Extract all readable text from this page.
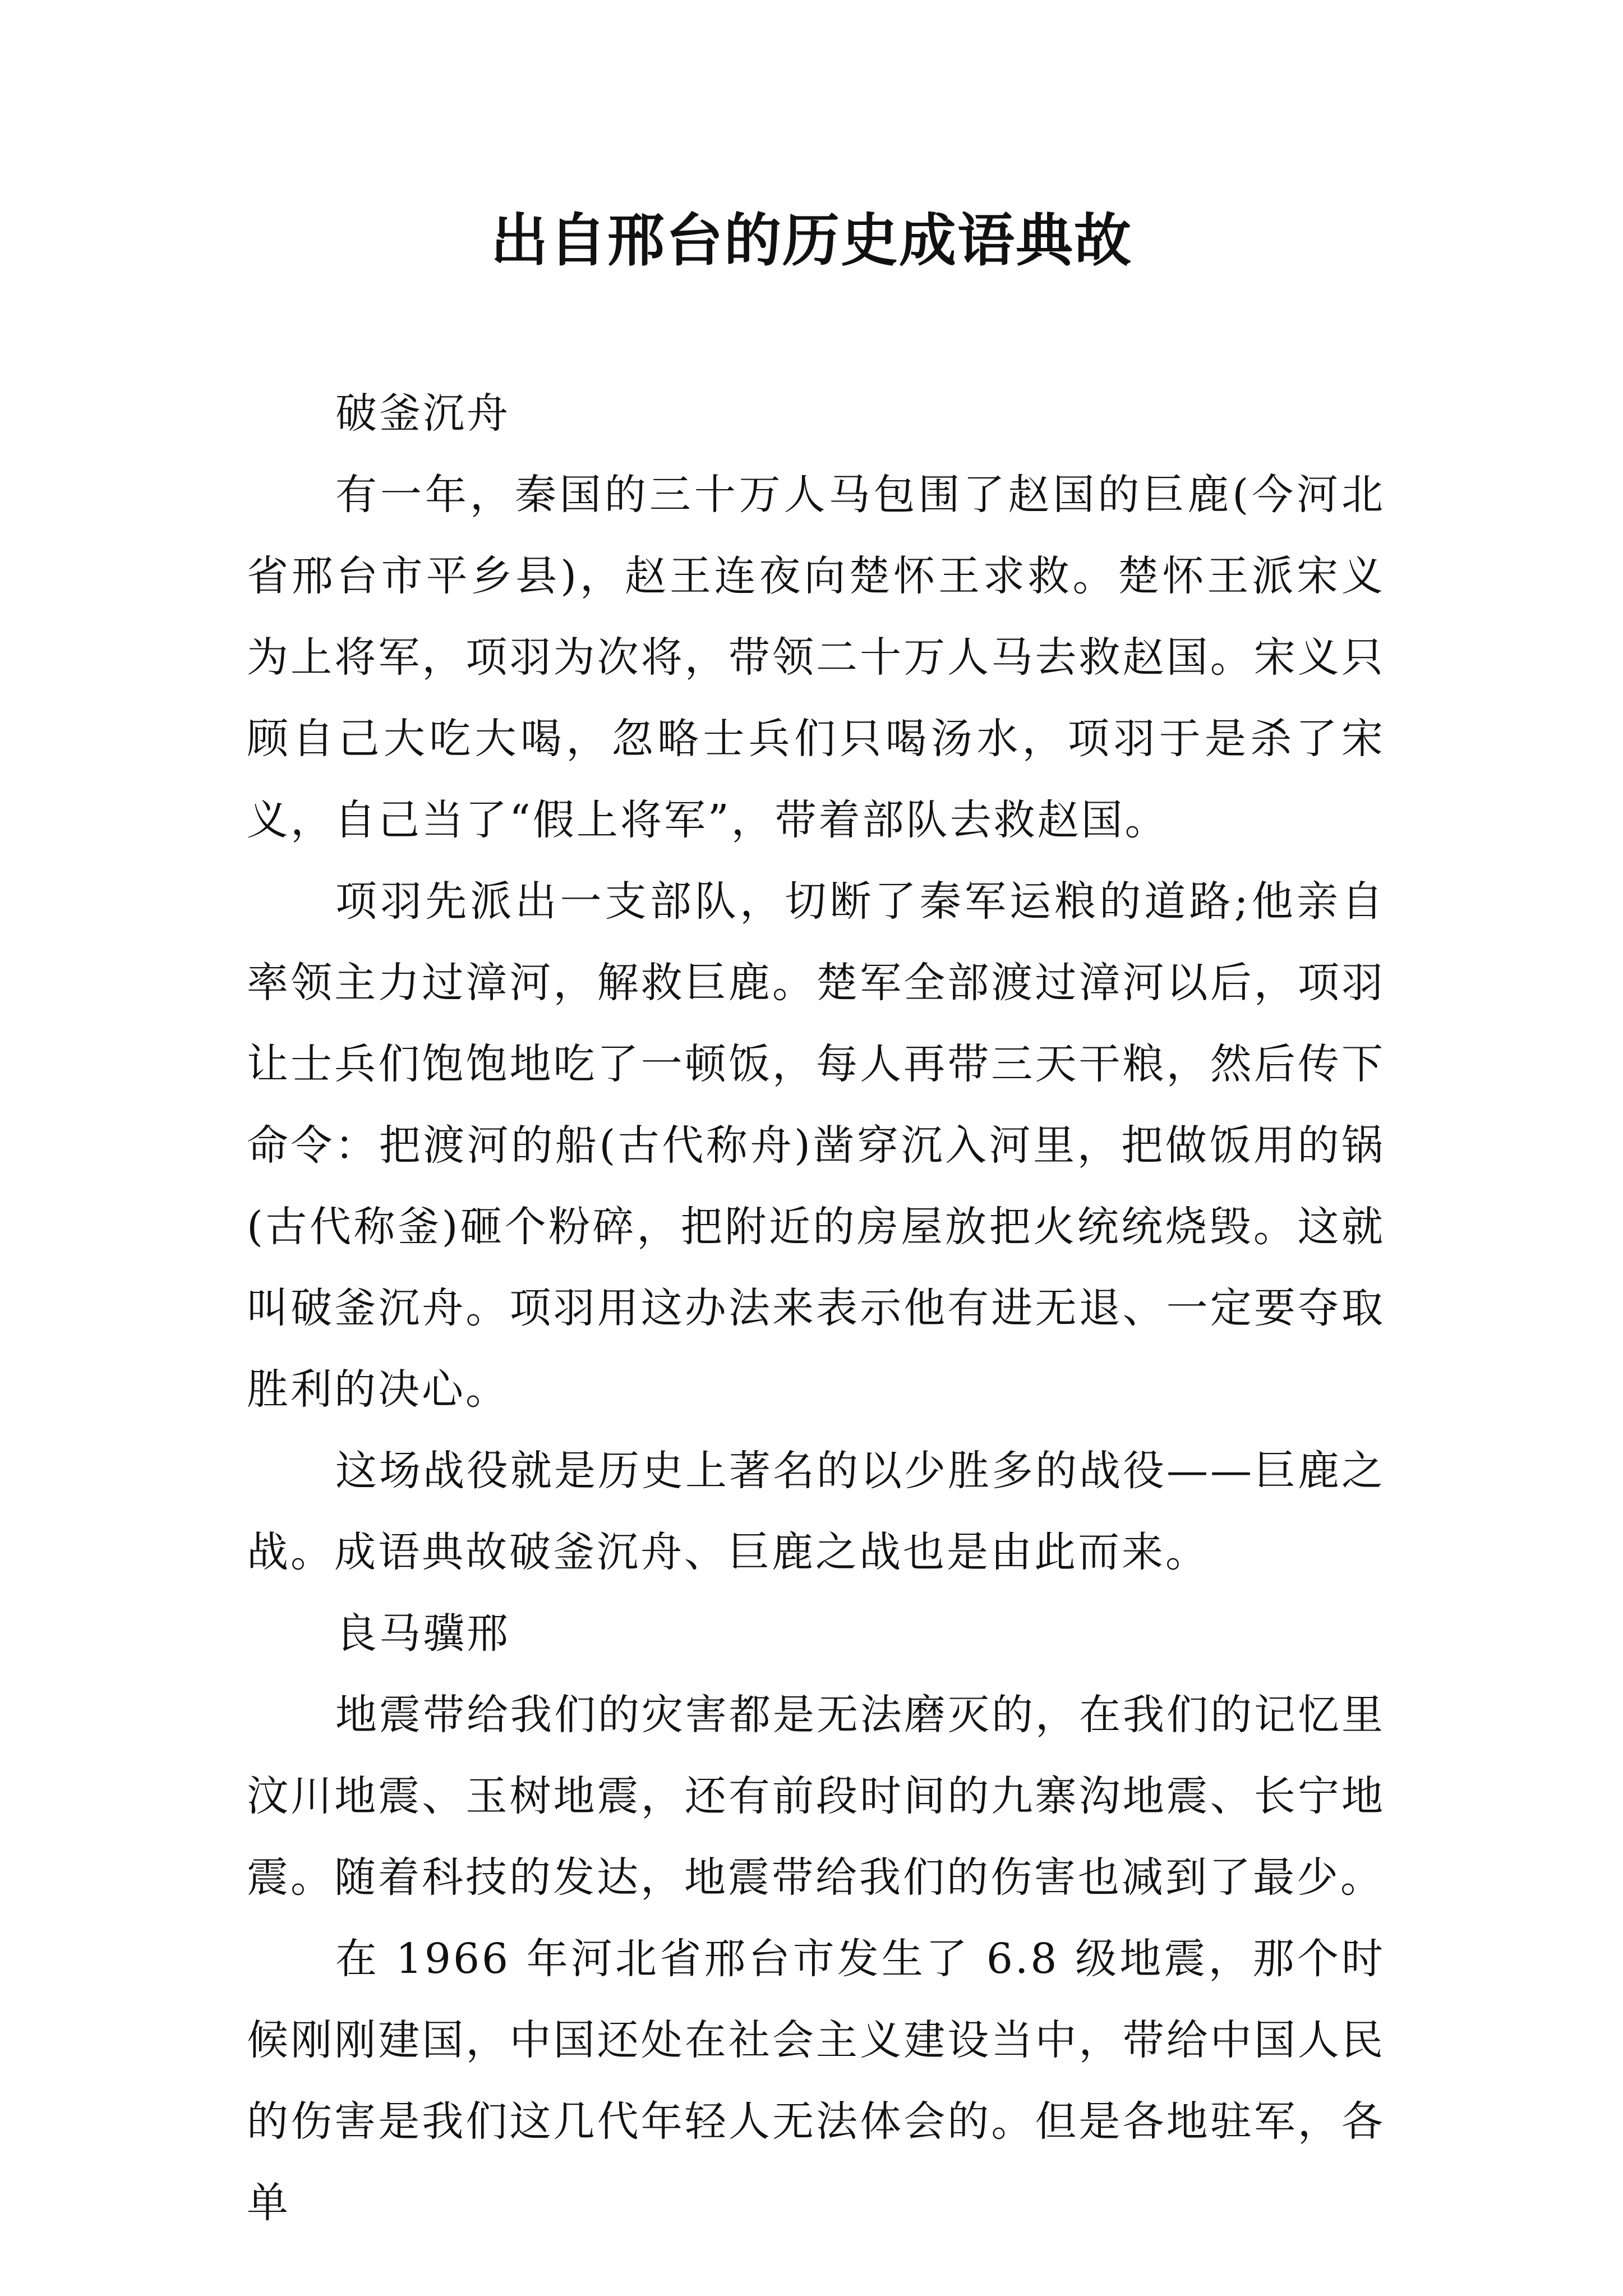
出自邢台的历史成语典故

破釜沉舟

有一年，秦国的三十万人马包围了赵国的巨鹿(今河北省邢台市平乡县)，赵王连夜向楚怀王求救。楚怀王派宋义为上将军，项羽为次将，带领二十万人马去救赵国。宋义只顾自己大吃大喝，忽略士兵们只喝汤水，项羽于是杀了宋义，自己当了“假上将军”，带着部队去救赵国。

项羽先派出一支部队，切断了秦军运粮的道路;他亲自率领主力过漳河，解救巨鹿。楚军全部渡过漳河以后，项羽让士兵们饱饱地吃了一顿饭，每人再带三天干粮，然后传下命令：把渡河的船(古代称舟)凿穿沉入河里，把做饭用的锅(古代称釜)砸个粉碎，把附近的房屋放把火统统烧毁。这就叫破釜沉舟。项羽用这办法来表示他有进无退、一定要夺取胜利的决心。

这场战役就是历史上著名的以少胜多的战役——巨鹿之战。成语典故破釜沉舟、巨鹿之战也是由此而来。

良马骥邢

地震带给我们的灾害都是无法磨灭的，在我们的记忆里汶川地震、玉树地震，还有前段时间的九寨沟地震、长宁地震。随着科技的发达，地震带给我们的伤害也减到了最少。

在 1966 年河北省邢台市发生了 6.8 级地震，那个时候刚刚建国，中国还处在社会主义建设当中，带给中国人民的伤害是我们这几代年轻人无法体会的。但是各地驻军，各单
